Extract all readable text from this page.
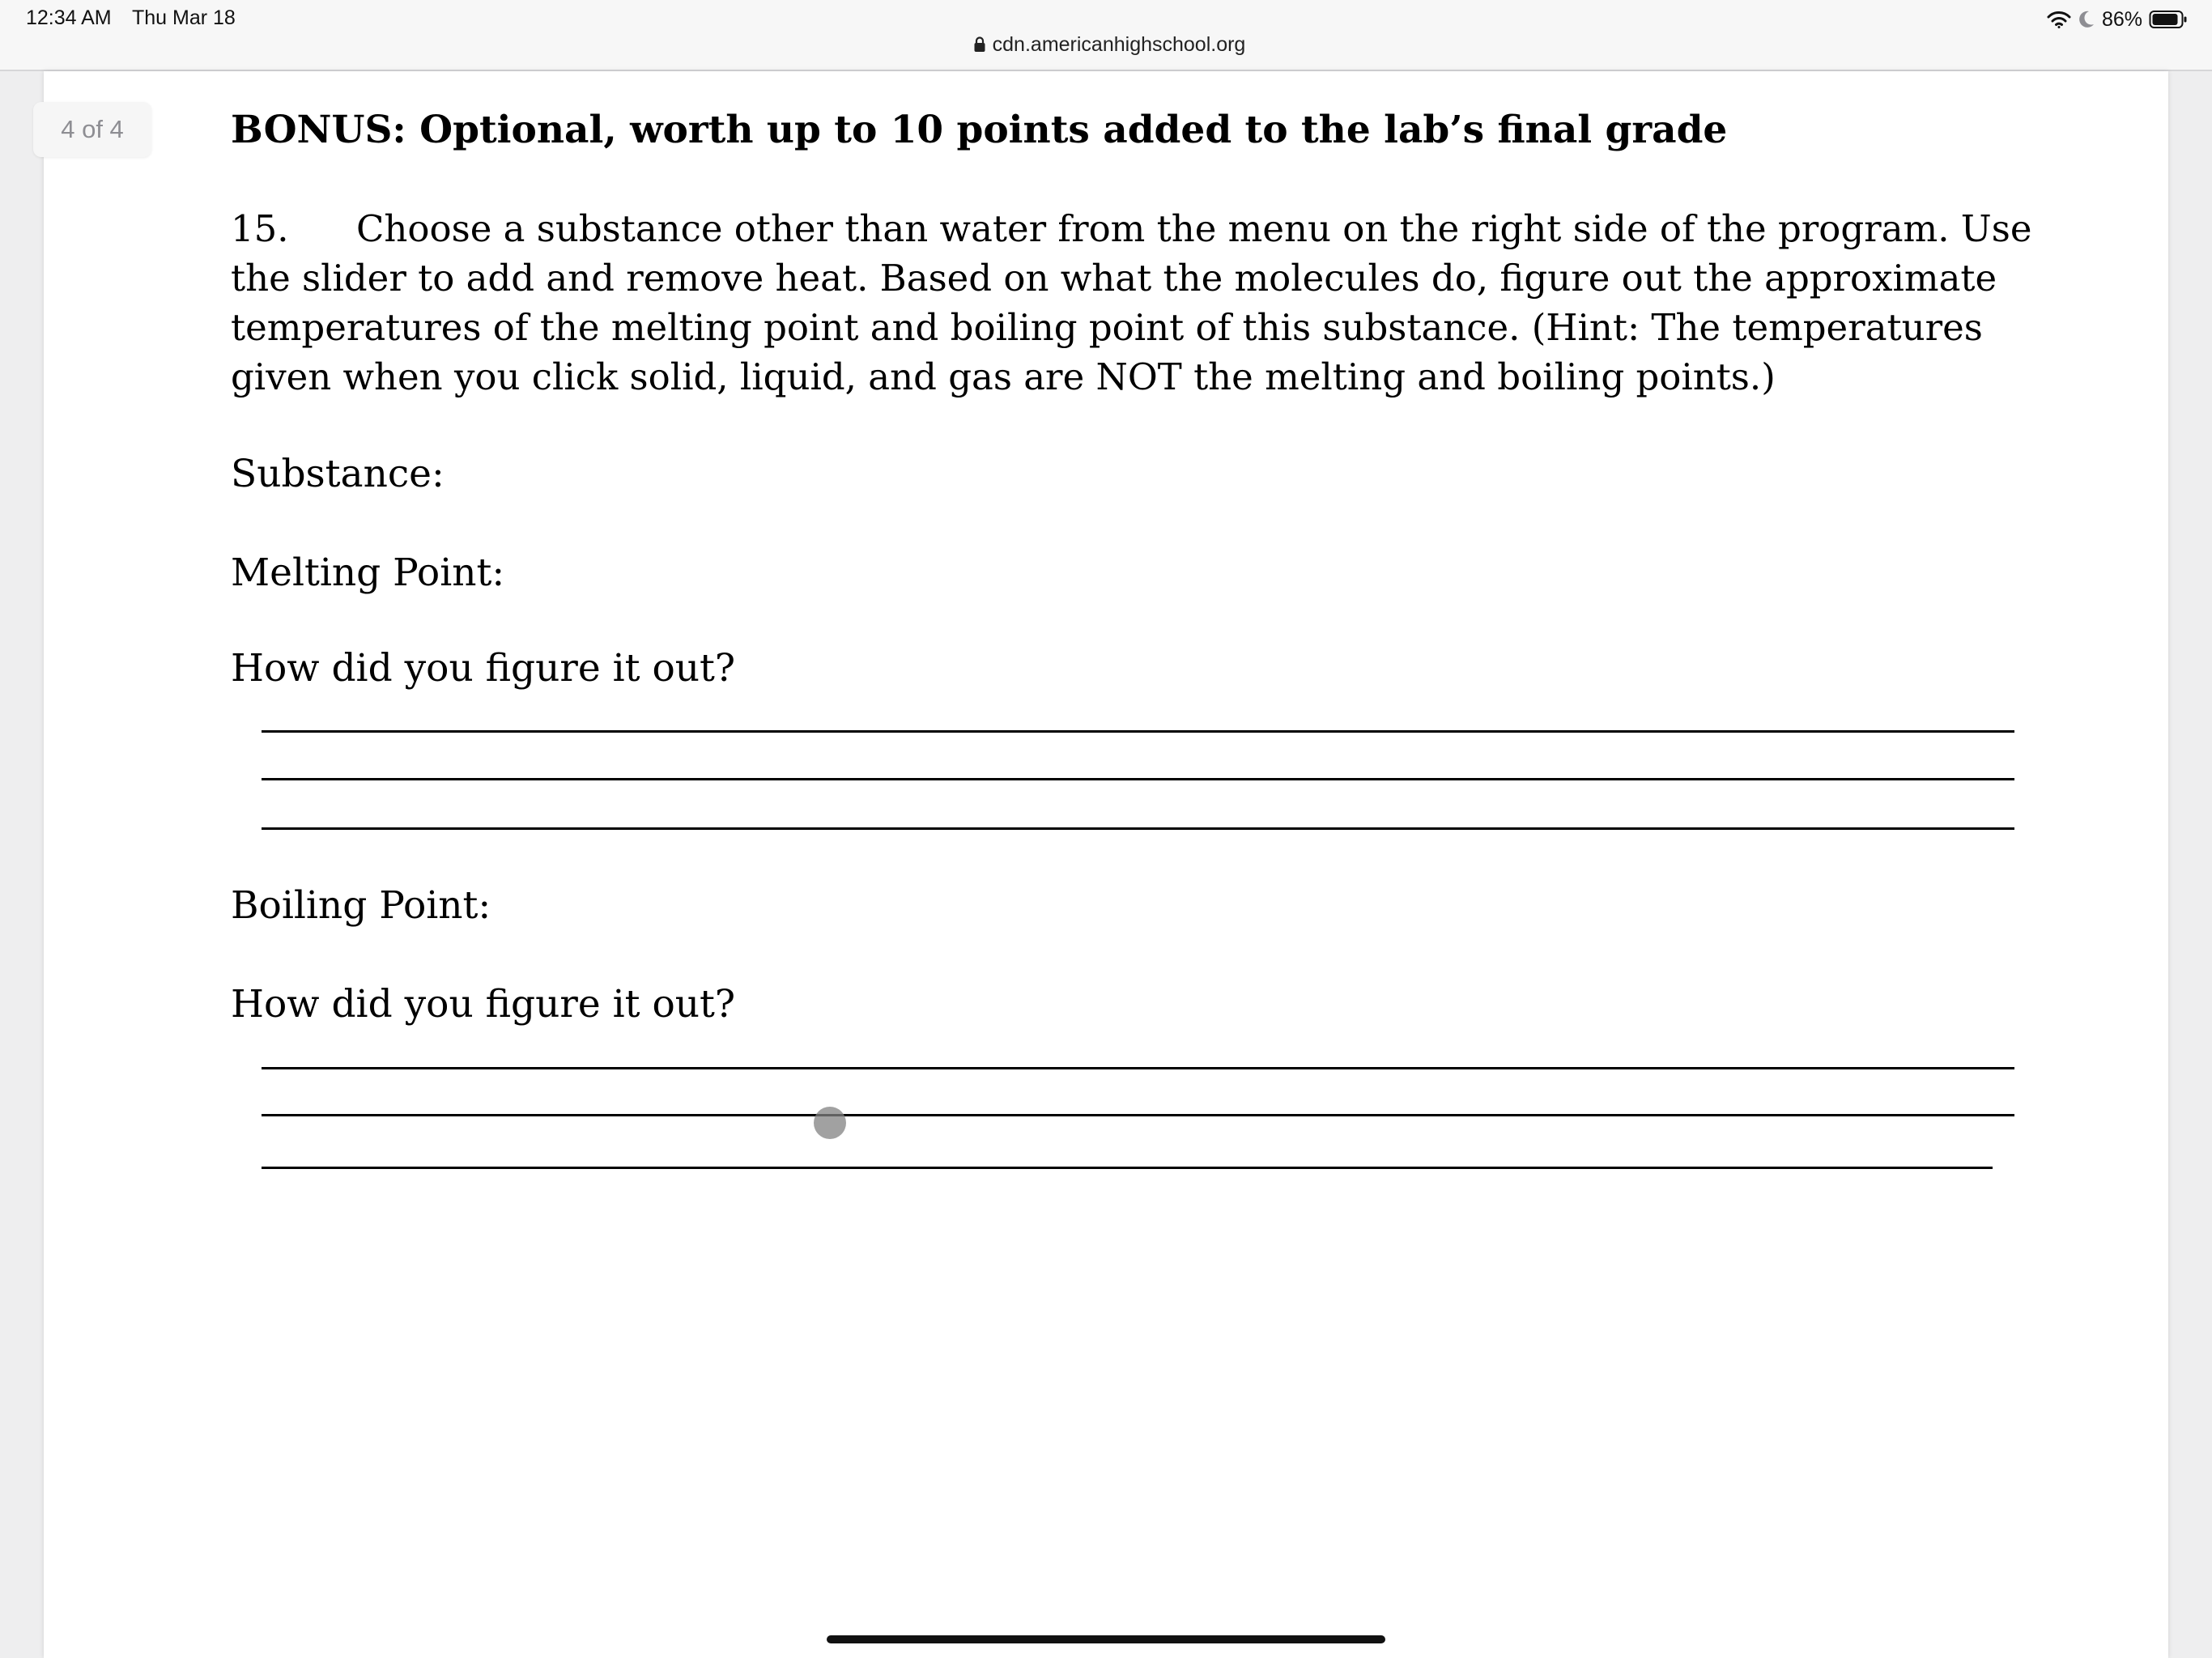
12:34 AM Thu Mar 18
cdn.americanhighschool.org
86%
4 of 4	BONUS: Optional, worth up to 10 points added to the lab’s final grade
15. Choose a substance other than water from the menu on the right side of the program. Use
the slider to add and remove heat. Based on what the molecules do, figure out the approximate
temperatures of the melting point and boiling point of this substance. (Hint: The temperatures
given when you click solid, liquid, and gas are NOT the melting and boiling points.)
Substance:
Melting Point:
How did you figure it out?
Boiling Point:
How did you figure it out?
